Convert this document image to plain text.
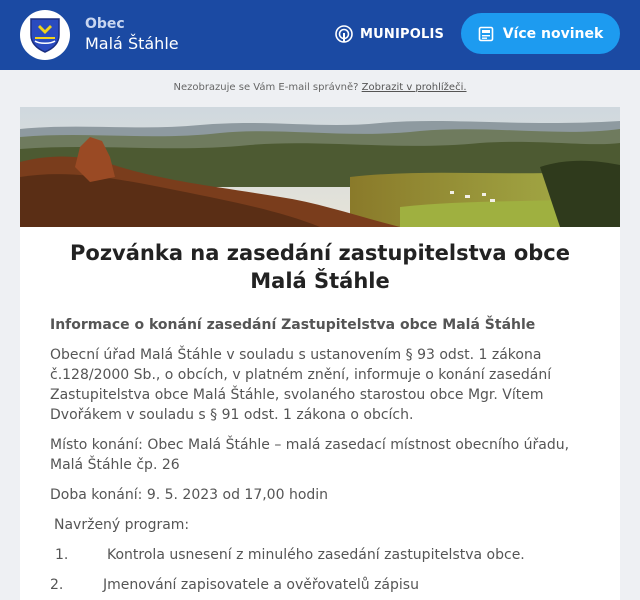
Obec
Malá Štáhle	MUNIPOLIS	Více novinek
Nezobrazuje se Vám E-mail správně? Zobrazit v prohlížeči.
Pozvánka na zasedání zastupitelstva obce Malá Štáhle
Informace o konání zasedání Zastupitelstva obce Malá Štáhle
Obecní úřad Malá Štáhle v souladu s ustanovením § 93 odst. 1 zákona č.128/2000 Sb., o obcích, v platném znění, informuje o konání zasedání Zastupitelstva obce Malá Štáhle, svolaného starostou obce Mgr. Vítem Dvořákem v souladu s § 91 odst. 1 zákona o obcích.
Místo konání: Obec Malá Štáhle – malá zasedací místnost obecního úřadu, Malá Štáhle čp. 26
Doba konání: 9. 5. 2023 od 17,00 hodin
Navržený program:
1.	Kontrola usnesení z minulého zasedání zastupitelstva obce.
2.	Jmenování zapisovatele a ověřovatelů zápisu
